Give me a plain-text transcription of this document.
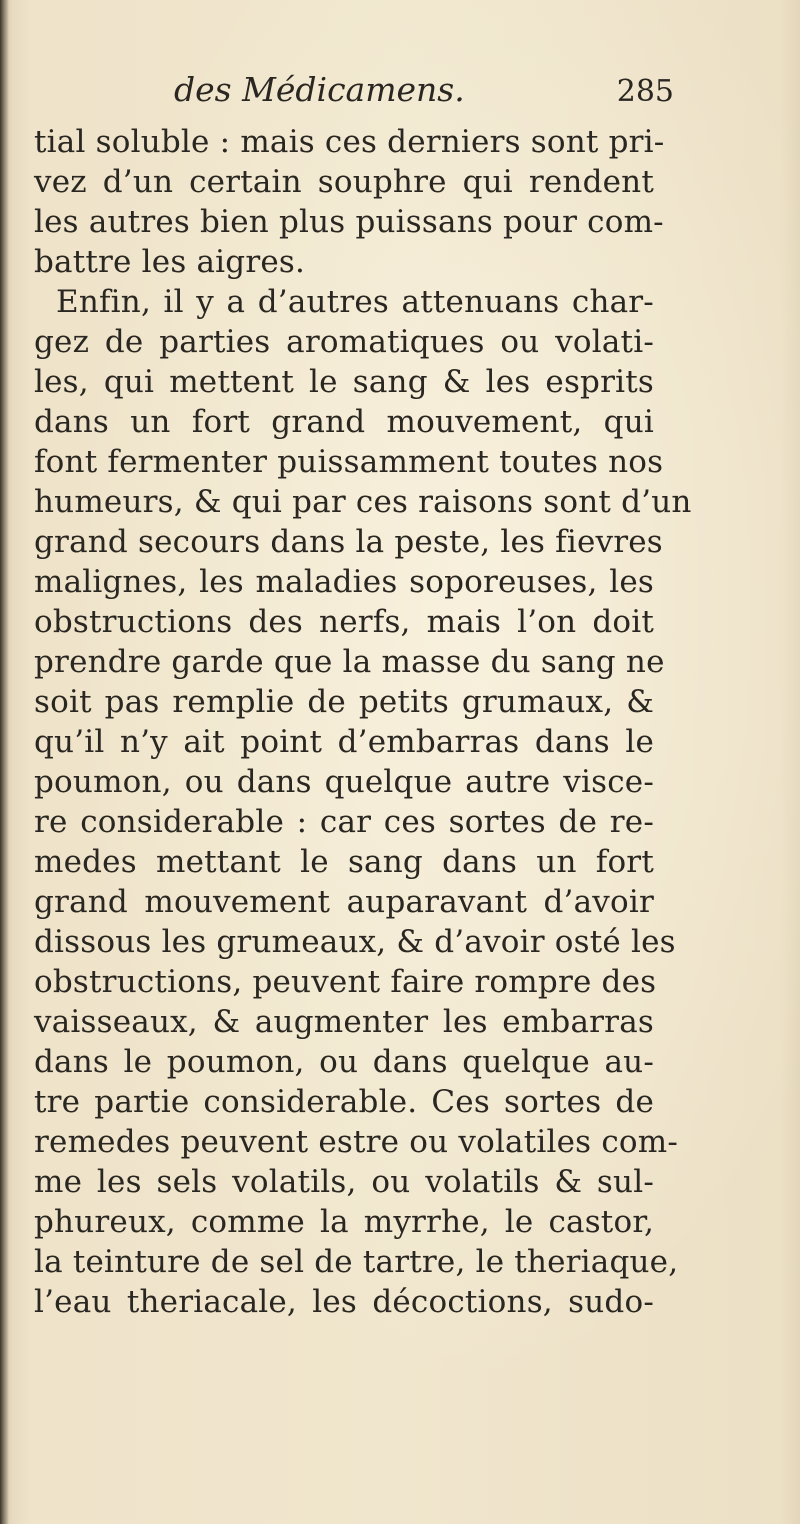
des Médicamens.	285
tial soluble : mais ces derniers sont pri-
vez d’un certain souphre qui rendent
les autres bien plus puissans pour com-
battre les aigres.
Enfin, il y a d’autres attenuans char-
gez de parties aromatiques ou volati-
les, qui mettent le sang & les esprits
dans un fort grand mouvement, qui
font fermenter puissamment toutes nos
humeurs, & qui par ces raisons sont d’un
grand secours dans la peste, les fievres
malignes, les maladies soporeuses, les
obstructions des nerfs, mais l’on doit
prendre garde que la masse du sang ne
soit pas remplie de petits grumaux, &
qu’il n’y ait point d’embarras dans le
poumon, ou dans quelque autre visce-
re considerable : car ces sortes de re-
medes mettant le sang dans un fort
grand mouvement auparavant d’avoir
dissous les grumeaux, & d’avoir osté les
obstructions, peuvent faire rompre des
vaisseaux, & augmenter les embarras
dans le poumon, ou dans quelque au-
tre partie considerable. Ces sortes de
remedes peuvent estre ou volatiles com-
me les sels volatils, ou volatils & sul-
phureux, comme la myrrhe, le castor,
la teinture de sel de tartre, le theriaque,
l’eau theriacale, les décoctions, sudo-
